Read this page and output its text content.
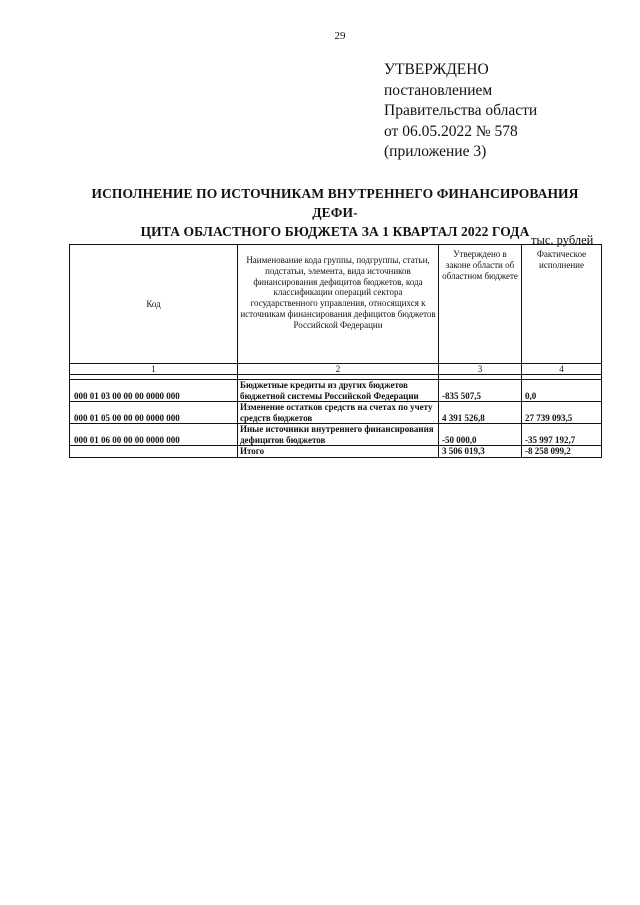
29
УТВЕРЖДЕНО
постановлением
Правительства области
от 06.05.2022 № 578
(приложение 3)
ИСПОЛНЕНИЕ ПО ИСТОЧНИКАМ ВНУТРЕННЕГО ФИНАНСИРОВАНИЯ ДЕФИ-
ЦИТА ОБЛАСТНОГО БЮДЖЕТА ЗА 1 КВАРТАЛ 2022 ГОДА
тыс. рублей
Код	Наименование кода группы, подгруппы, статьи, подстатьи, элемента, вида источников финансирования дефицитов бюджетов, кода классификации операций сектора государственного управления, относящихся к источникам финансирования дефицитов бюджетов Российской Федерации	Утверждено в законе области об областном бюджете	Фактическое исполнение
1	2	3	4

000 01 03 00 00 00 0000 000	Бюджетные кредиты из других бюджетов бюджетной системы Российской Федерации	-835 507,5	0,0
000 01 05 00 00 00 0000 000	Изменение остатков средств на счетах по учету средств бюджетов	4 391 526,8	27 739 093,5
000 01 06 00 00 00 0000 000	Иные источники внутреннего финансирования дефицитов бюджетов	-50 000,0	-35 997 192,7
	Итого	3 506 019,3	-8 258 099,2
